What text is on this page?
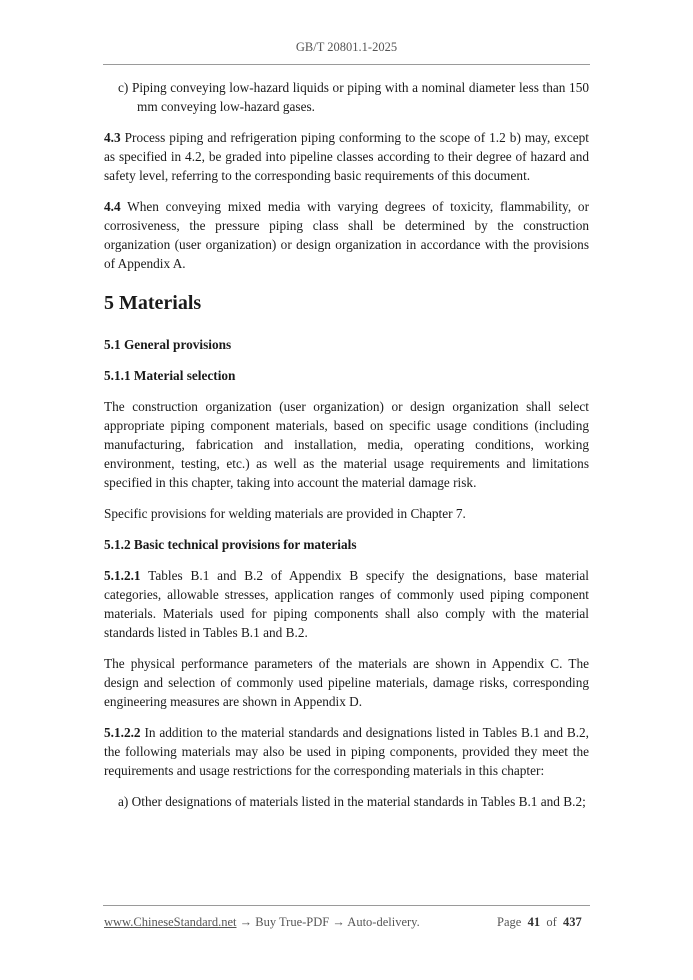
GB/T 20801.1-2025
c) Piping conveying low-hazard liquids or piping with a nominal diameter less than 150 mm conveying low-hazard gases.

4.3 Process piping and refrigeration piping conforming to the scope of 1.2 b) may, except as specified in 4.2, be graded into pipeline classes according to their degree of hazard and safety level, referring to the corresponding basic requirements of this document.

4.4 When conveying mixed media with varying degrees of toxicity, flammability, or corrosiveness, the pressure piping class shall be determined by the construction organization (user organization) or design organization in accordance with the provisions of Appendix A.

5 Materials
5.1 General provisions
5.1.1 Material selection

The construction organization (user organization) or design organization shall select appropriate piping component materials, based on specific usage conditions (including manufacturing, fabrication and installation, media, operating conditions, working environment, testing, etc.) as well as the material usage requirements and limitations specified in this chapter, taking into account the material damage risk.

Specific provisions for welding materials are provided in Chapter 7.

5.1.2 Basic technical provisions for materials

5.1.2.1 Tables B.1 and B.2 of Appendix B specify the designations, base material categories, allowable stresses, application ranges of commonly used piping component materials. Materials used for piping components shall also comply with the material standards listed in Tables B.1 and B.2.

The physical performance parameters of the materials are shown in Appendix C. The design and selection of commonly used pipeline materials, damage risks, corresponding engineering measures are shown in Appendix D.

5.1.2.2 In addition to the material standards and designations listed in Tables B.1 and B.2, the following materials may also be used in piping components, provided they meet the requirements and usage restrictions for the corresponding materials in this chapter:

a) Other designations of materials listed in the material standards in Tables B.1 and B.2;
www.ChineseStandard.net → Buy True-PDF → Auto-delivery.	Page 41 of 437
